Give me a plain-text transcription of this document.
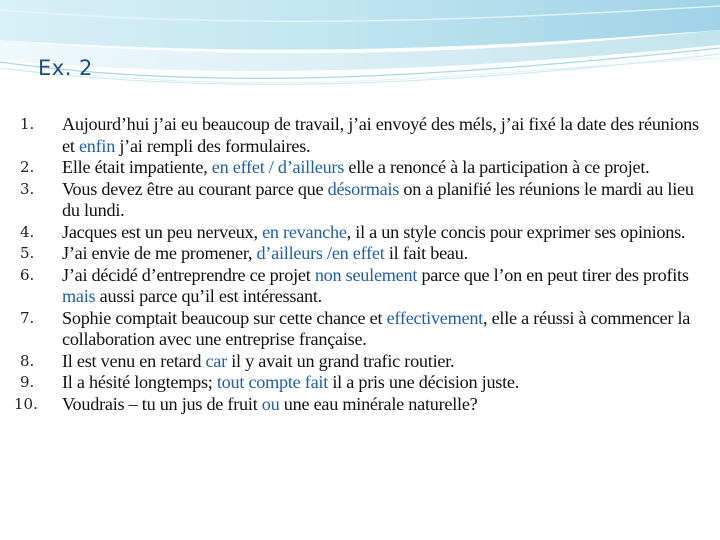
Ex. 2
1.	Aujourd’hui j’ai eu beaucoup de travail, j’ai envoyé des méls, j’ai fixé la date des réunions et enfin j’ai rempli des formulaires.
2.	Elle était impatiente, en effet / d’ailleurs elle a renoncé à la participation à ce projet.
3.	Vous devez être au courant parce que désormais on a planifié les réunions le mardi au lieu du lundi.
4.	Jacques est un peu nerveux, en revanche, il a un style concis pour exprimer ses opinions.
5.	J’ai envie de me promener, d’ailleurs /en effet il fait beau.
6.	J’ai décidé d’entreprendre ce projet non seulement parce que l’on en peut tirer des profits mais aussi parce qu’il est intéressant.
7.	Sophie comptait beaucoup sur cette chance et effectivement, elle a réussi à commencer la collaboration avec une entreprise française.
8.	Il est venu en retard car il y avait un grand trafic routier.
9.	Il a hésité longtemps; tout compte fait il a pris une décision juste.
10.	Voudrais – tu un jus de fruit ou une eau minérale naturelle?
